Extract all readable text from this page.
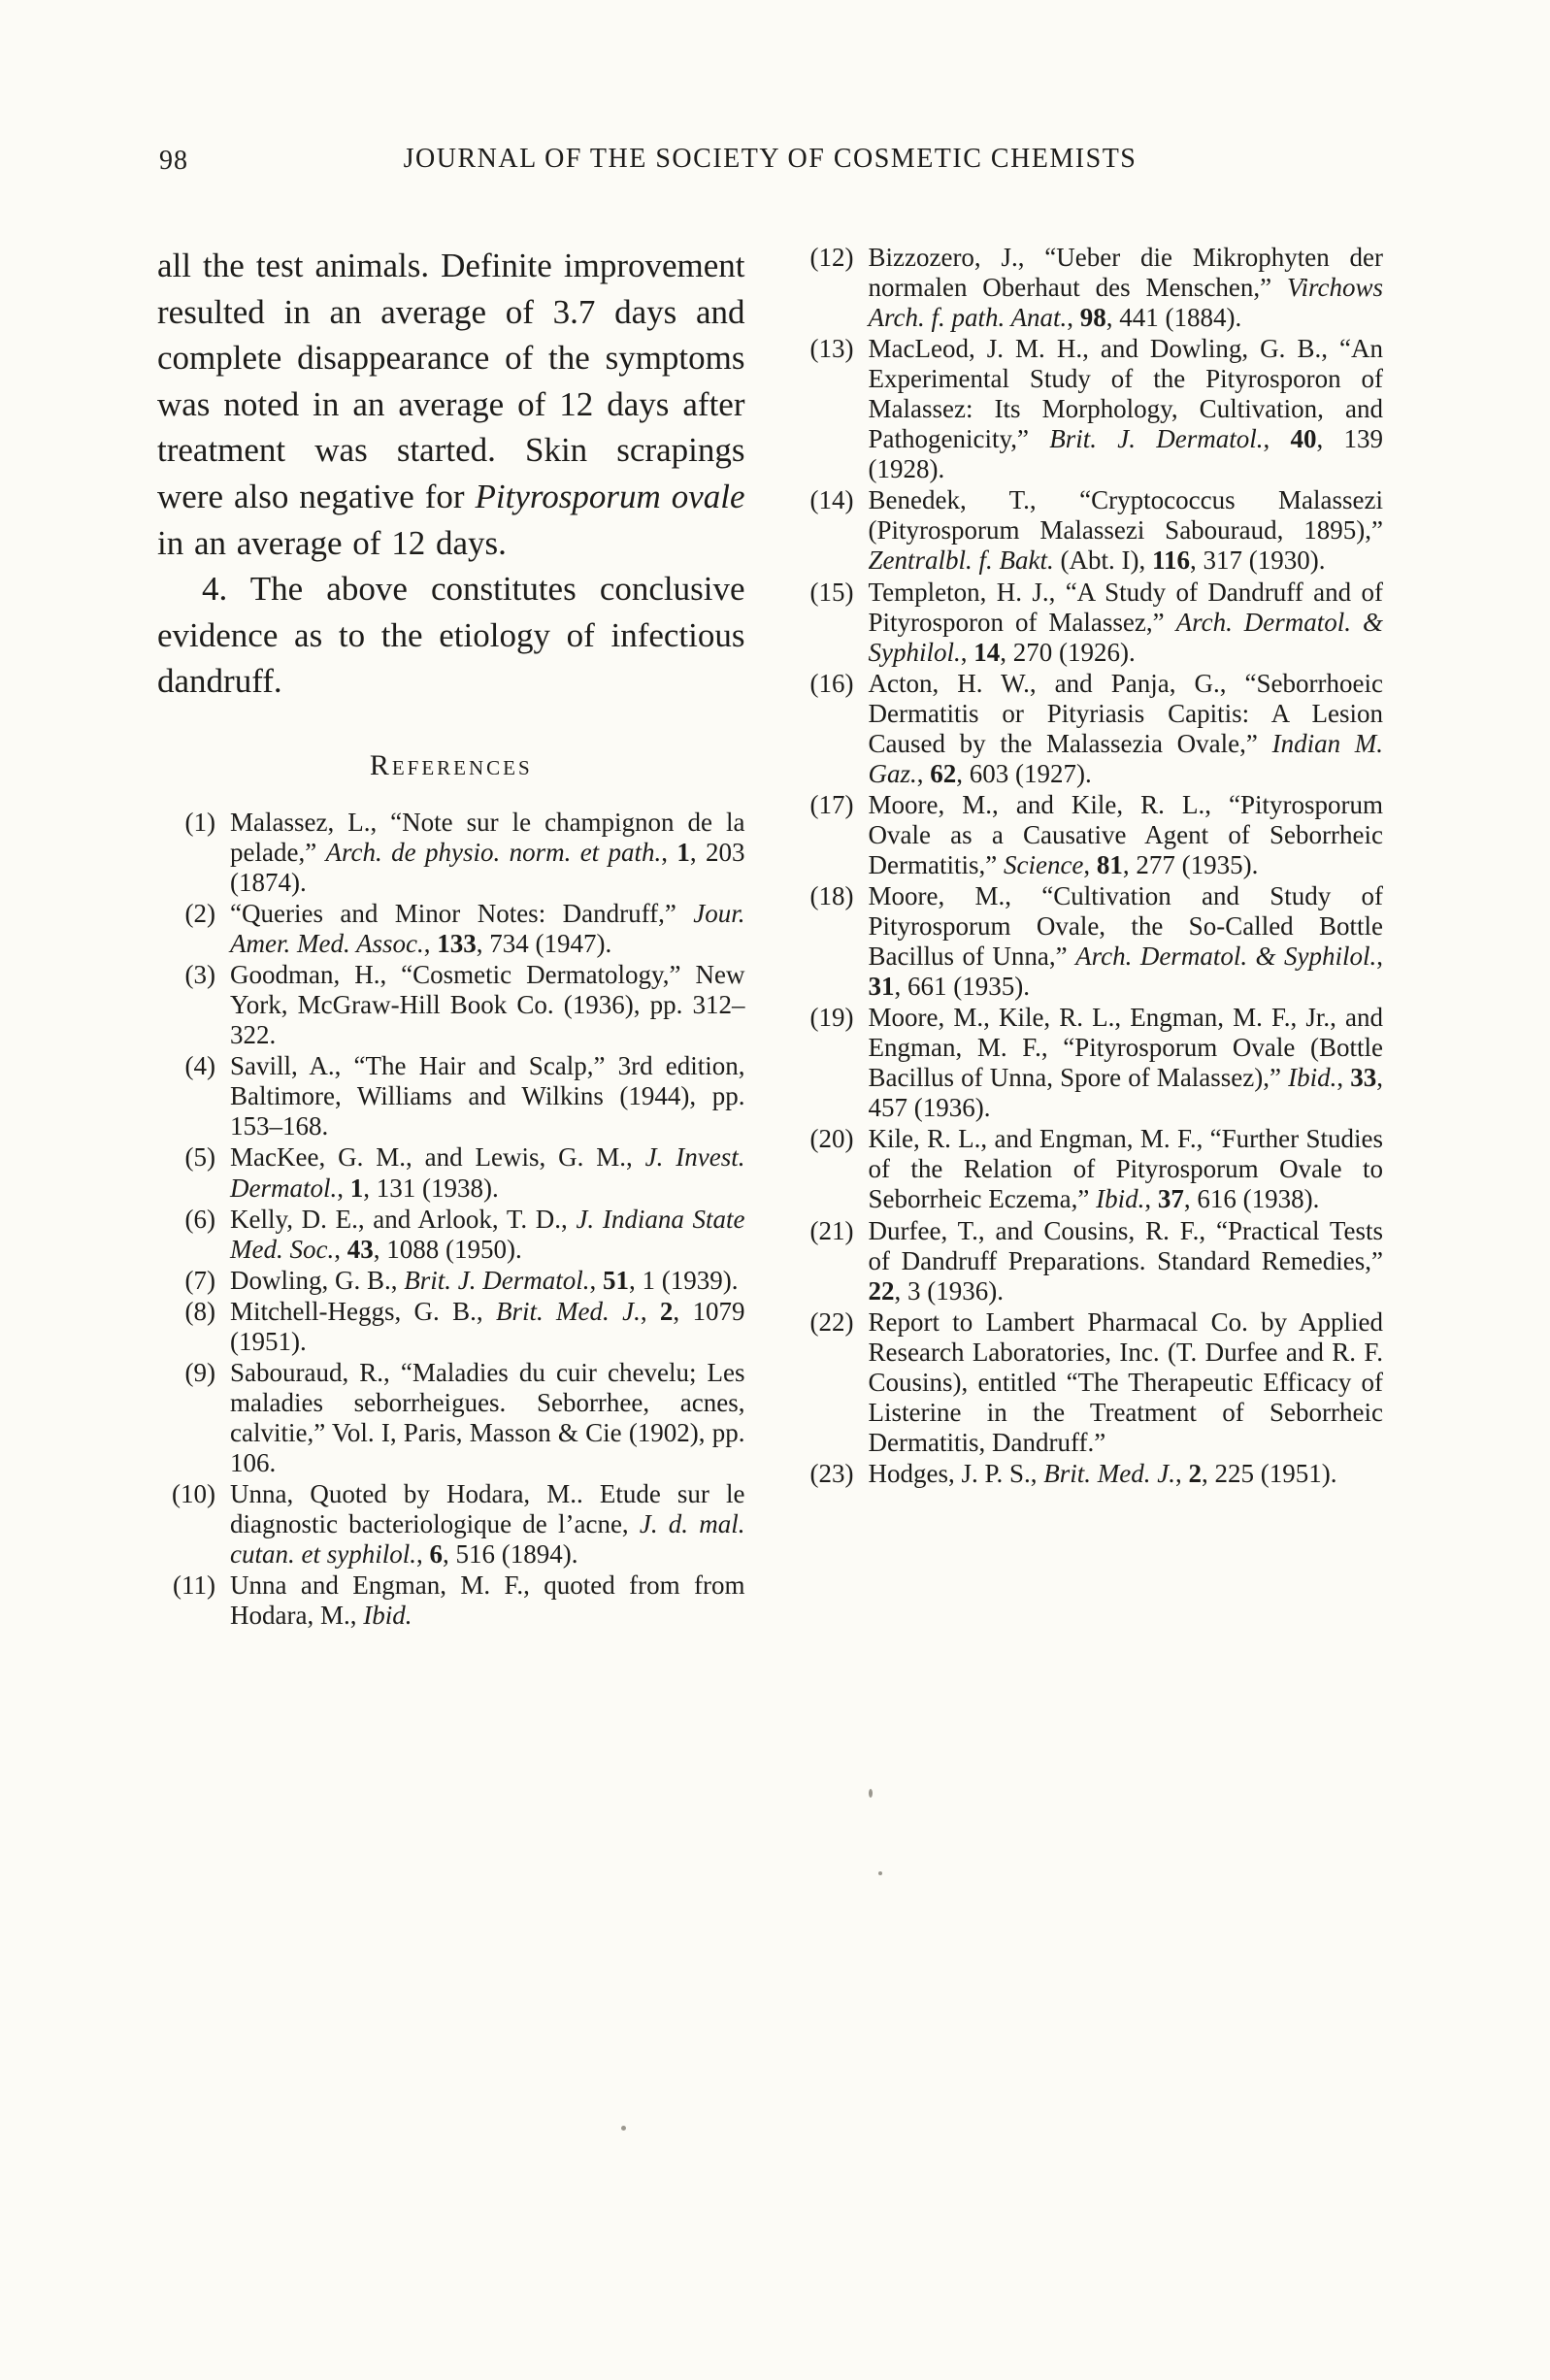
98	JOURNAL OF THE SOCIETY OF COSMETIC CHEMISTS

all the test animals. Definite improvement resulted in an average of 3.7 days and complete disappearance of the symptoms was noted in an average of 12 days after treatment was started. Skin scrapings were also negative for Pityrosporum ovale in an average of 12 days.

4. The above constitutes conclusive evidence as to the etiology of infectious dandruff.

References
(1) Malassez, L., “Note sur le champignon de la pelade,” Arch. de physio. norm. et path., 1, 203 (1874).
(2) “Queries and Minor Notes: Dandruff,” Jour. Amer. Med. Assoc., 133, 734 (1947).
(3) Goodman, H., “Cosmetic Dermatology,” New York, McGraw-Hill Book Co. (1936), pp. 312–322.
(4) Savill, A., “The Hair and Scalp,” 3rd edition, Baltimore, Williams and Wilkins (1944), pp. 153–168.
(5) MacKee, G. M., and Lewis, G. M., J. Invest. Dermatol., 1, 131 (1938).
(6) Kelly, D. E., and Arlook, T. D., J. Indiana State Med. Soc., 43, 1088 (1950).
(7) Dowling, G. B., Brit. J. Dermatol., 51, 1 (1939).
(8) Mitchell-Heggs, G. B., Brit. Med. J., 2, 1079 (1951).
(9) Sabouraud, R., “Maladies du cuir chevelu; Les maladies seborrheigues. Seborrhee, acnes, calvitie,” Vol. I, Paris, Masson & Cie (1902), pp. 106.
(10) Unna, Quoted by Hodara, M.. Etude sur le diagnostic bacteriologique de l’acne, J. d. mal. cutan. et syphilol., 6, 516 (1894).
(11) Unna and Engman, M. F., quoted from from Hodara, M., Ibid.
(12) Bizzozero, J., “Ueber die Mikrophyten der normalen Oberhaut des Menschen,” Virchows Arch. f. path. Anat., 98, 441 (1884).
(13) MacLeod, J. M. H., and Dowling, G. B., “An Experimental Study of the Pityrosporon of Malassez: Its Morphology, Cultivation, and Pathogenicity,” Brit. J. Dermatol., 40, 139 (1928).
(14) Benedek, T., “Cryptococcus Malassezi (Pityrosporum Malassezi Sabouraud, 1895),” Zentralbl. f. Bakt. (Abt. I), 116, 317 (1930).
(15) Templeton, H. J., “A Study of Dandruff and of Pityrosporon of Malassez,” Arch. Dermatol. & Syphilol., 14, 270 (1926).
(16) Acton, H. W., and Panja, G., “Seborrhoeic Dermatitis or Pityriasis Capitis: A Lesion Caused by the Malassezia Ovale,” Indian M. Gaz., 62, 603 (1927).
(17) Moore, M., and Kile, R. L., “Pityrosporum Ovale as a Causative Agent of Seborrheic Dermatitis,” Science, 81, 277 (1935).
(18) Moore, M., “Cultivation and Study of Pityrosporum Ovale, the So-Called Bottle Bacillus of Unna,” Arch. Dermatol. & Syphilol., 31, 661 (1935).
(19) Moore, M., Kile, R. L., Engman, M. F., Jr., and Engman, M. F., “Pityrosporum Ovale (Bottle Bacillus of Unna, Spore of Malassez),” Ibid., 33, 457 (1936).
(20) Kile, R. L., and Engman, M. F., “Further Studies of the Relation of Pityrosporum Ovale to Seborrheic Eczema,” Ibid., 37, 616 (1938).
(21) Durfee, T., and Cousins, R. F., “Practical Tests of Dandruff Preparations. Standard Remedies,” 22, 3 (1936).
(22) Report to Lambert Pharmacal Co. by Applied Research Laboratories, Inc. (T. Durfee and R. F. Cousins), entitled “The Therapeutic Efficacy of Listerine in the Treatment of Seborrheic Dermatitis, Dandruff.”
(23) Hodges, J. P. S., Brit. Med. J., 2, 225 (1951).
